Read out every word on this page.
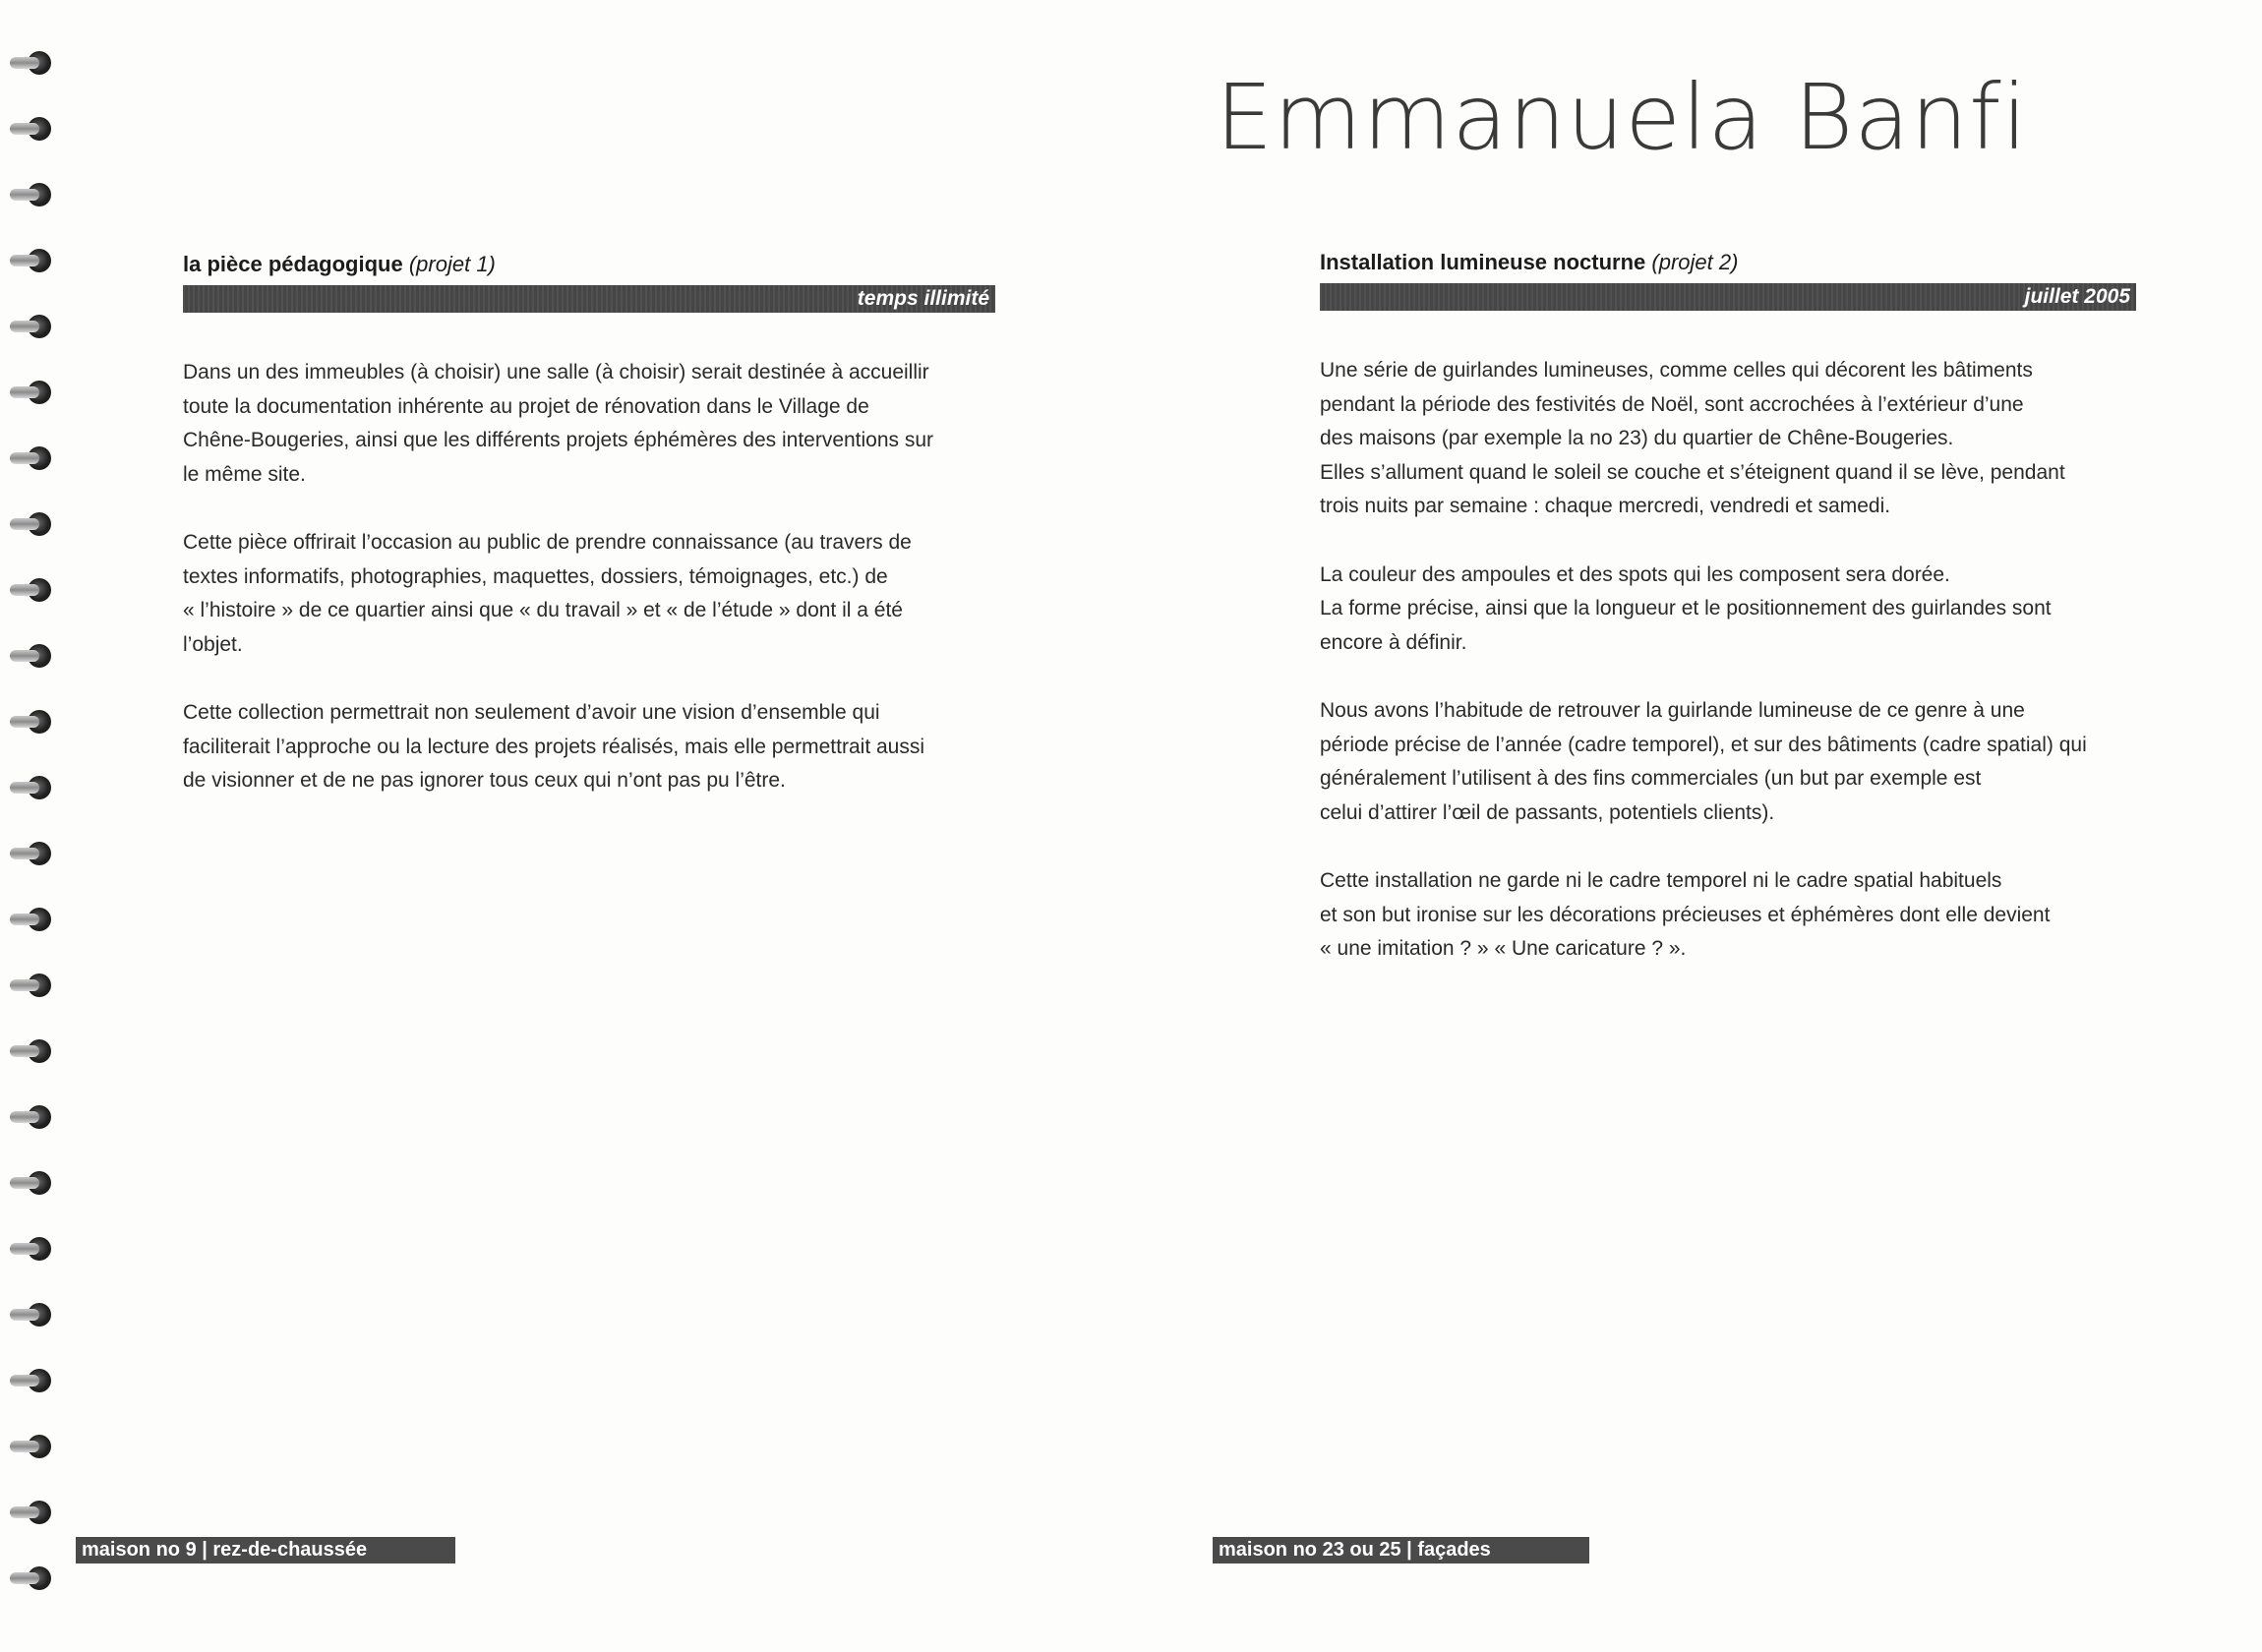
Emmanuela Banfi

la pièce pédagogique (projet 1)

temps illimité

Dans un des immeubles (à choisir) une salle (à choisir) serait destinée à accueillir
toute la documentation inhérente au projet de rénovation dans le Village de
Chêne-Bougeries, ainsi que les différents projets éphémères des interventions sur
le même site.

Cette pièce offrirait l’occasion au public de prendre connaissance (au travers de
textes informatifs, photographies, maquettes, dossiers, témoignages, etc.) de
« l’histoire » de ce quartier ainsi que « du travail » et « de l’étude » dont il a été
l’objet.

Cette collection permettrait non seulement d’avoir une vision d’ensemble qui
faciliterait l’approche ou la lecture des projets réalisés, mais elle permettrait aussi
de visionner et de ne pas ignorer tous ceux qui n’ont pas pu l’être.

Installation lumineuse nocturne (projet 2)

juillet 2005

Une série de guirlandes lumineuses, comme celles qui décorent les bâtiments
pendant la période des festivités de Noël, sont accrochées à l’extérieur d’une
des maisons (par exemple la no 23) du quartier de Chêne-Bougeries.
Elles s’allument quand le soleil se couche et s’éteignent quand il se lève, pendant
trois nuits par semaine : chaque mercredi, vendredi et samedi.

La couleur des ampoules et des spots qui les composent sera dorée.
La forme précise, ainsi que la longueur et le positionnement des guirlandes sont
encore à définir.

Nous avons l’habitude de retrouver la guirlande lumineuse de ce genre à une
période précise de l’année (cadre temporel), et sur des bâtiments (cadre spatial) qui
généralement l’utilisent à des fins commerciales (un but par exemple est
celui d’attirer l’œil de passants, potentiels clients).

Cette installation ne garde ni le cadre temporel ni le cadre spatial habituels
et son but ironise sur les décorations précieuses et éphémères dont elle devient
« une imitation ? » « Une caricature ? ».

maison no 9 | rez-de-chaussée	maison no 23 ou 25 | façades
